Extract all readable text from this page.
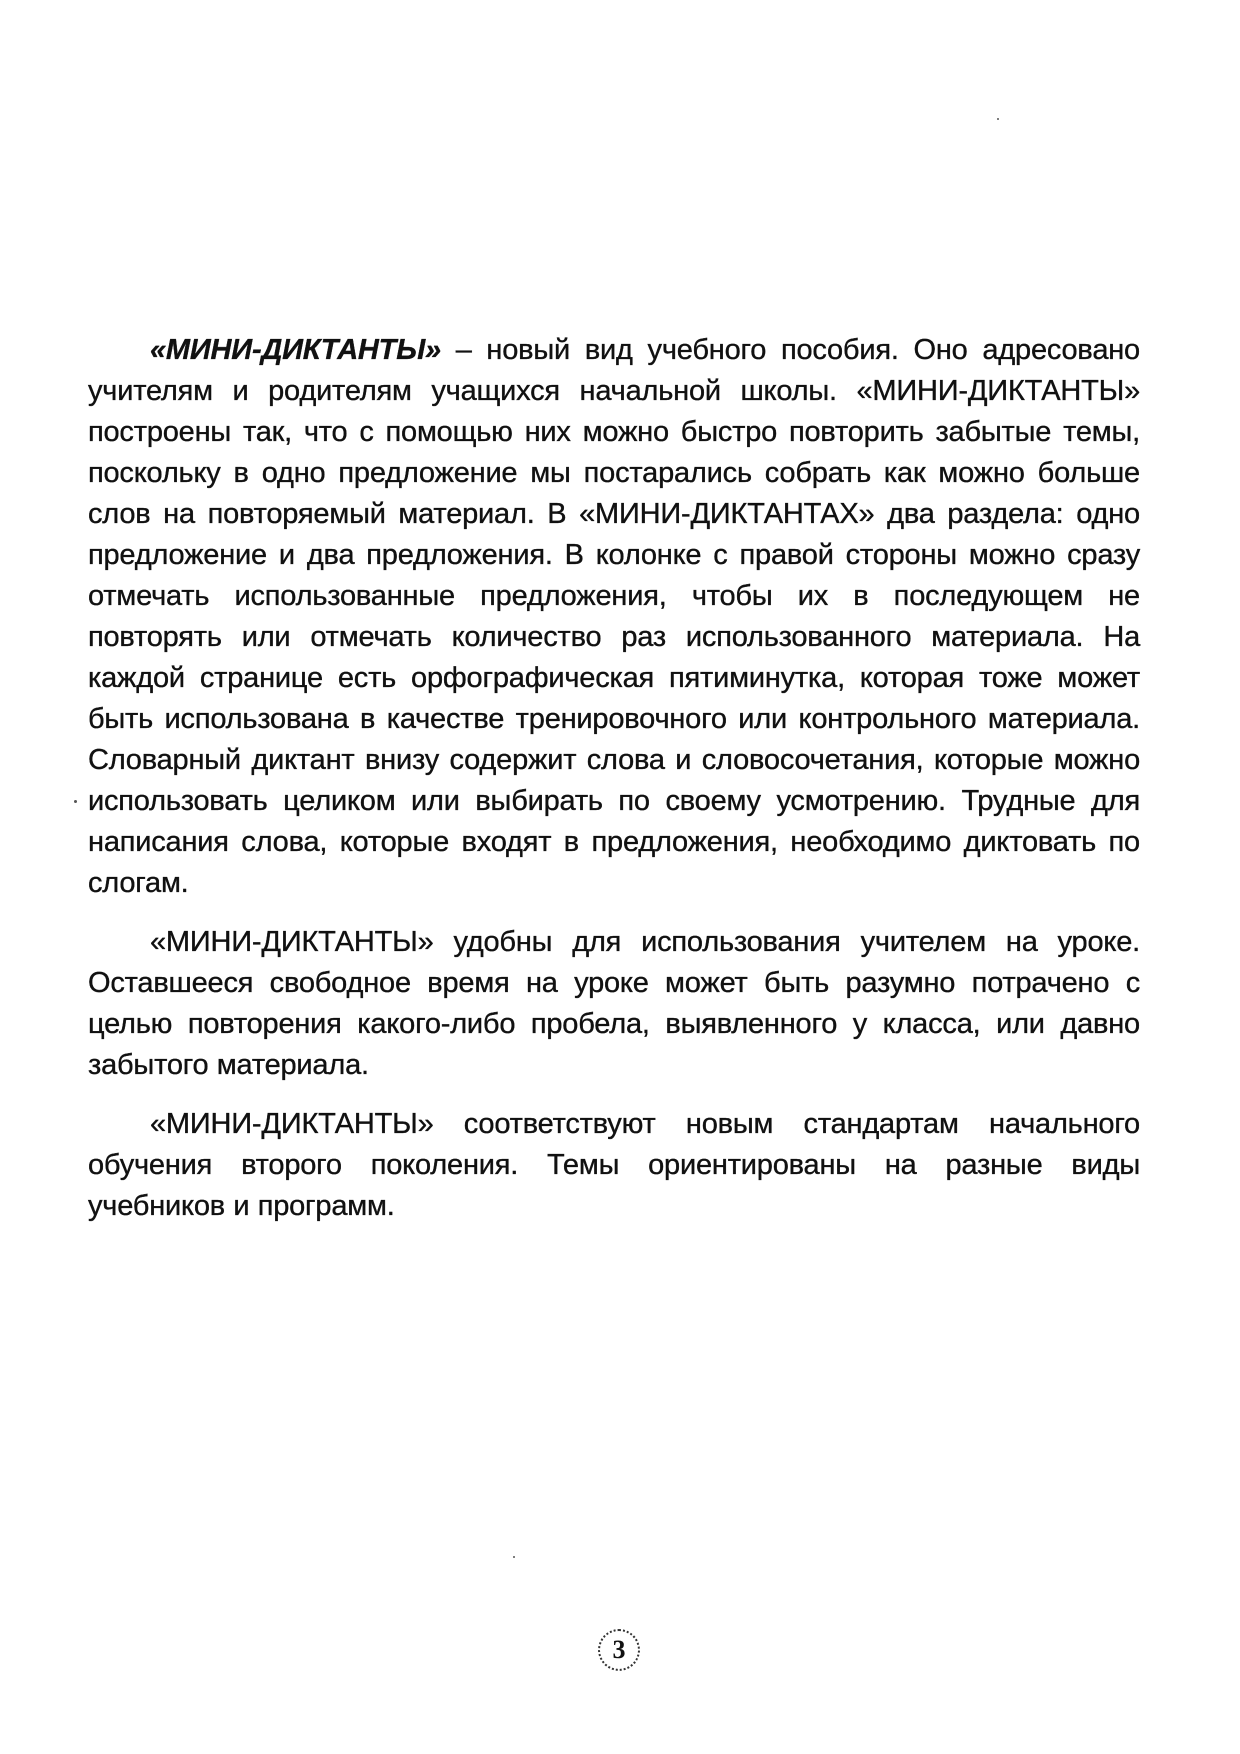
«МИНИ-ДИКТАНТЫ» – новый вид учебного пособия. Оно адресовано учителям и родителям учащихся начальной школы. «МИНИ-ДИКТАНТЫ» построены так, что с помощью них можно быстро повторить забытые темы, поскольку в одно предложение мы постарались собрать как можно больше слов на повторяемый материал. В «МИНИ-ДИКТАНТАХ» два раздела: одно предложение и два предложения. В колонке с правой стороны можно сразу отмечать использованные предложения, чтобы их в последующем не повторять или отмечать количество раз использованного материала. На каждой странице есть орфографическая пятиминутка, которая тоже может быть использована в качестве тренировочного или контрольного материала. Словарный диктант внизу содержит слова и словосочетания, которые можно использовать целиком или выбирать по своему усмотрению. Трудные для написания слова, которые входят в предложения, необходимо диктовать по слогам.

«МИНИ-ДИКТАНТЫ» удобны для использования учителем на уроке. Оставшееся свободное время на уроке может быть разумно потрачено с целью повторения какого-либо пробела, выявленного у класса, или давно забытого материала.

«МИНИ-ДИКТАНТЫ» соответствуют новым стандартам начального обучения второго поколения. Темы ориентированы на разные виды учебников и программ.

3
